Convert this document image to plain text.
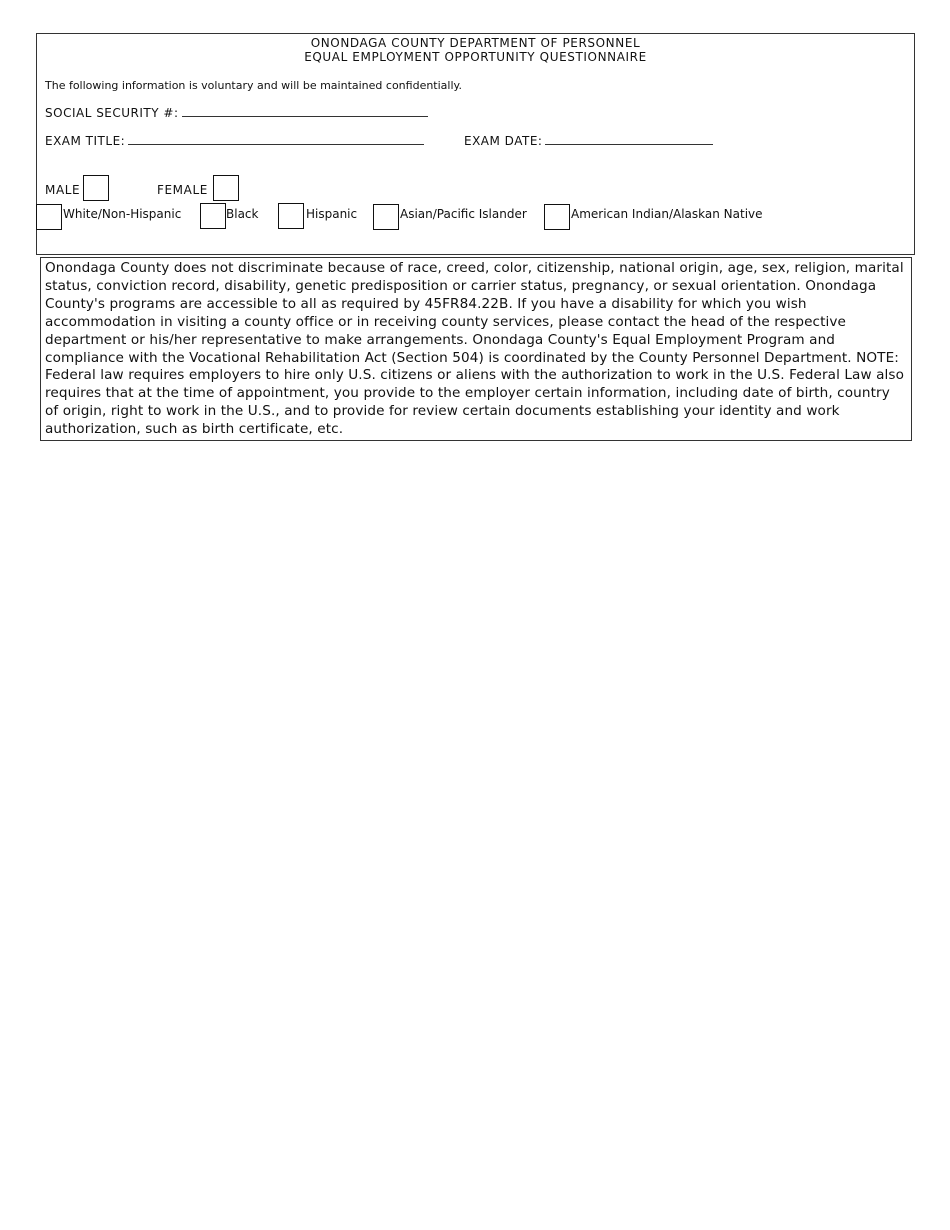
ONONDAGA COUNTY DEPARTMENT OF PERSONNEL
EQUAL EMPLOYMENT OPPORTUNITY QUESTIONNAIRE
The following information is voluntary and will be maintained confidentially.
SOCIAL SECURITY #:
EXAM TITLE:	EXAM DATE:
MALE	FEMALE
White/Non-Hispanic	Black	Hispanic	Asian/Pacific Islander	American Indian/Alaskan Native
Onondaga County does not discriminate because of race, creed, color, citizenship, national origin, age, sex, religion, marital status, conviction record, disability, genetic predisposition or carrier status, pregnancy, or sexual orientation. Onondaga County's programs are accessible to all as required by 45FR84.22B. If you have a disability for which you wish accommodation in visiting a county office or in receiving county services, please contact the head of the respective department or his/her representative to make arrangements. Onondaga County's Equal Employment Program and compliance with the Vocational Rehabilitation Act (Section 504) is coordinated by the County Personnel Department. NOTE: Federal law requires employers to hire only U.S. citizens or aliens with the authorization to work in the U.S. Federal Law also requires that at the time of appointment, you provide to the employer certain information, including date of birth, country of origin, right to work in the U.S., and to provide for review certain documents establishing your identity and work authorization, such as birth certificate, etc.
